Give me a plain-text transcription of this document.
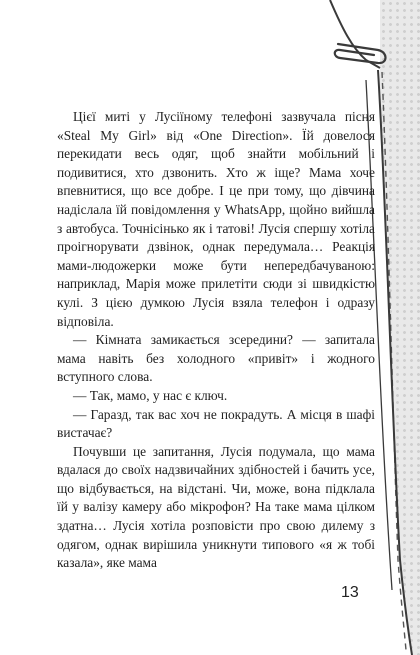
Цієї миті у Лусіїному телефоні зазвучала пісня «Steal My Girl» від «One Direction». Їй довелося перекидати весь одяг, щоб знайти мобільний і подивитися, хто дзвонить. Хто ж іще? Мама хоче впевнитися, що все добре. І це при тому, що дівчина надіслала їй повідомлення у WhatsApp, щойно вийшла з автобуса. Точнісінько як і татові! Лусія спершу хотіла проігнорувати дзвінок, однак передумала… Реакція мами-людожерки може бути непередбачуваною: наприклад, Марія може прилетіти сюди зі швидкістю кулі. З цією думкою Лусія взяла телефон і одразу відповіла.

— Кімната замикається зсередини? — запитала мама навіть без холодного «привіт» і жодного вступного слова.

— Так, мамо, у нас є ключ.

— Гаразд, так вас хоч не покрадуть. А місця в шафі вистачає?

Почувши це запитання, Лусія подумала, що мама вдалася до своїх надзвичайних здібностей і бачить усе, що відбувається, на відстані. Чи, може, вона підклала їй у валізу камеру або мікрофон? На таке мама цілком здатна… Лусія хотіла розповісти про свою дилему з одягом, однак вирішила уникнути типового «я ж тобі казала», яке мама

13
